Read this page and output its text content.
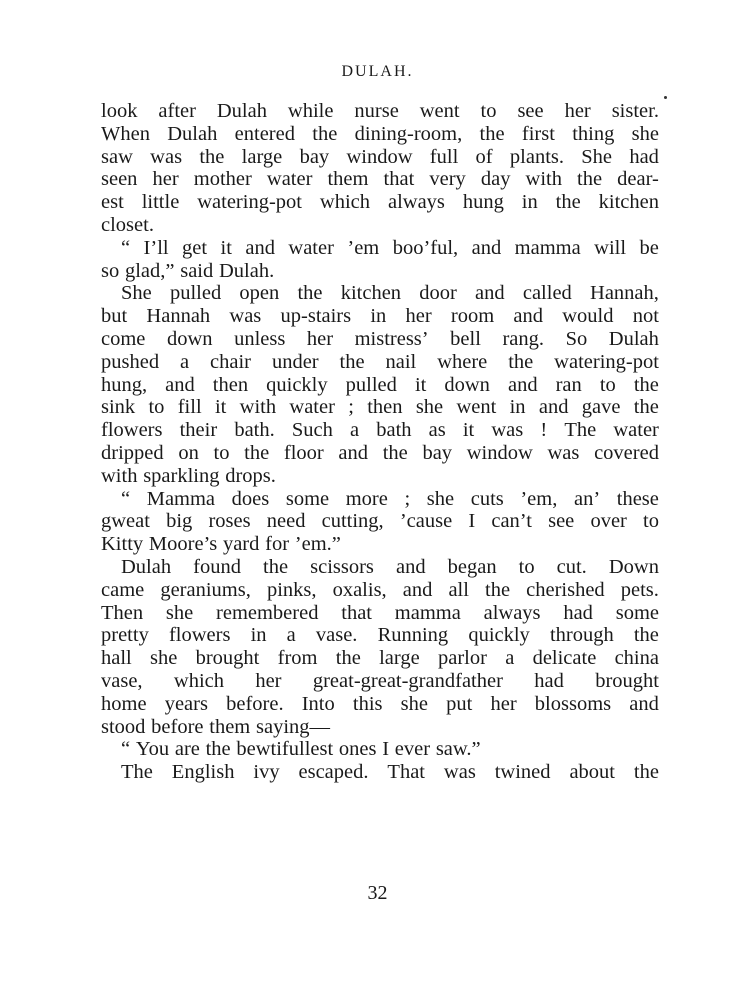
DULAH.
look after Dulah while nurse went to see her sister.
When Dulah entered the dining-room, the first thing she
saw was the large bay window full of plants. She had
seen her mother water them that very day with the dear-
est little watering-pot which always hung in the kitchen
closet.
“ I’ll get it and water ’em boo’ful, and mamma will be
so glad,” said Dulah.
She pulled open the kitchen door and called Hannah,
but Hannah was up-stairs in her room and would not
come down unless her mistress’ bell rang. So Dulah
pushed a chair under the nail where the watering-pot
hung, and then quickly pulled it down and ran to the
sink to fill it with water ; then she went in and gave the
flowers their bath. Such a bath as it was ! The water
dripped on to the floor and the bay window was covered
with sparkling drops.
“ Mamma does some more ; she cuts ’em, an’ these
gweat big roses need cutting, ’cause I can’t see over to
Kitty Moore’s yard for ’em.”
Dulah found the scissors and began to cut. Down
came geraniums, pinks, oxalis, and all the cherished pets.
Then she remembered that mamma always had some
pretty flowers in a vase. Running quickly through the
hall she brought from the large parlor a delicate china
vase, which her great-great-grandfather had brought
home years before. Into this she put her blossoms and
stood before them saying—
“ You are the bewtifullest ones I ever saw.”
The English ivy escaped. That was twined about the
32
